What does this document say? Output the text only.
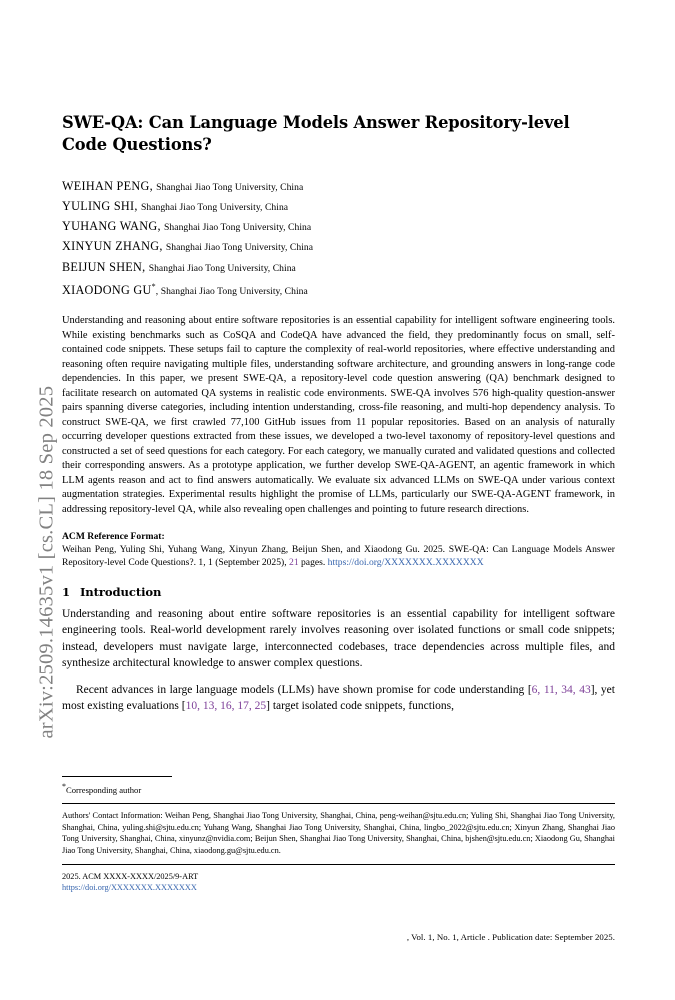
arXiv:2509.14635v1 [cs.CL] 18 Sep 2025
SWE-QA: Can Language Models Answer Repository-level Code Questions?
WEIHAN PENG, Shanghai Jiao Tong University, China
YULING SHI, Shanghai Jiao Tong University, China
YUHANG WANG, Shanghai Jiao Tong University, China
XINYUN ZHANG, Shanghai Jiao Tong University, China
BEIJUN SHEN, Shanghai Jiao Tong University, China
XIAODONG GU*, Shanghai Jiao Tong University, China
Understanding and reasoning about entire software repositories is an essential capability for intelligent software engineering tools. While existing benchmarks such as CoSQA and CodeQA have advanced the field, they predominantly focus on small, self-contained code snippets. These setups fail to capture the complexity of real-world repositories, where effective understanding and reasoning often require navigating multiple files, understanding software architecture, and grounding answers in long-range code dependencies. In this paper, we present SWE-QA, a repository-level code question answering (QA) benchmark designed to facilitate research on automated QA systems in realistic code environments. SWE-QA involves 576 high-quality question-answer pairs spanning diverse categories, including intention understanding, cross-file reasoning, and multi-hop dependency analysis. To construct SWE-QA, we first crawled 77,100 GitHub issues from 11 popular repositories. Based on an analysis of naturally occurring developer questions extracted from these issues, we developed a two-level taxonomy of repository-level questions and constructed a set of seed questions for each category. For each category, we manually curated and validated questions and collected their corresponding answers. As a prototype application, we further develop SWE-QA-AGENT, an agentic framework in which LLM agents reason and act to find answers automatically. We evaluate six advanced LLMs on SWE-QA under various context augmentation strategies. Experimental results highlight the promise of LLMs, particularly our SWE-QA-AGENT framework, in addressing repository-level QA, while also revealing open challenges and pointing to future research directions.
ACM Reference Format:
Weihan Peng, Yuling Shi, Yuhang Wang, Xinyun Zhang, Beijun Shen, and Xiaodong Gu. 2025. SWE-QA: Can Language Models Answer Repository-level Code Questions?. 1, 1 (September 2025), 21 pages. https://doi.org/XXXXXXX.XXXXXXX
1 Introduction

Understanding and reasoning about entire software repositories is an essential capability for intelligent software engineering tools. Real-world development rarely involves reasoning over isolated functions or small code snippets; instead, developers must navigate large, interconnected codebases, trace dependencies across multiple files, and synthesize architectural knowledge to answer complex questions.

Recent advances in large language models (LLMs) have shown promise for code understanding [6, 11, 34, 43], yet most existing evaluations [10, 13, 16, 17, 25] target isolated code snippets, functions,

*Corresponding author
Authors' Contact Information: Weihan Peng, Shanghai Jiao Tong University, Shanghai, China, peng-weihan@sjtu.edu.cn; Yuling Shi, Shanghai Jiao Tong University, Shanghai, China, yuling.shi@sjtu.edu.cn; Yuhang Wang, Shanghai Jiao Tong University, Shanghai, China, lingbo_2022@sjtu.edu.cn; Xinyun Zhang, Shanghai Jiao Tong University, Shanghai, China, xinyunz@nvidia.com; Beijun Shen, Shanghai Jiao Tong University, Shanghai, China, bjshen@sjtu.edu.cn; Xiaodong Gu, Shanghai Jiao Tong University, Shanghai, China, xiaodong.gu@sjtu.edu.cn.
2025. ACM XXXX-XXXX/2025/9-ART
https://doi.org/XXXXXXX.XXXXXXX
, Vol. 1, No. 1, Article . Publication date: September 2025.
